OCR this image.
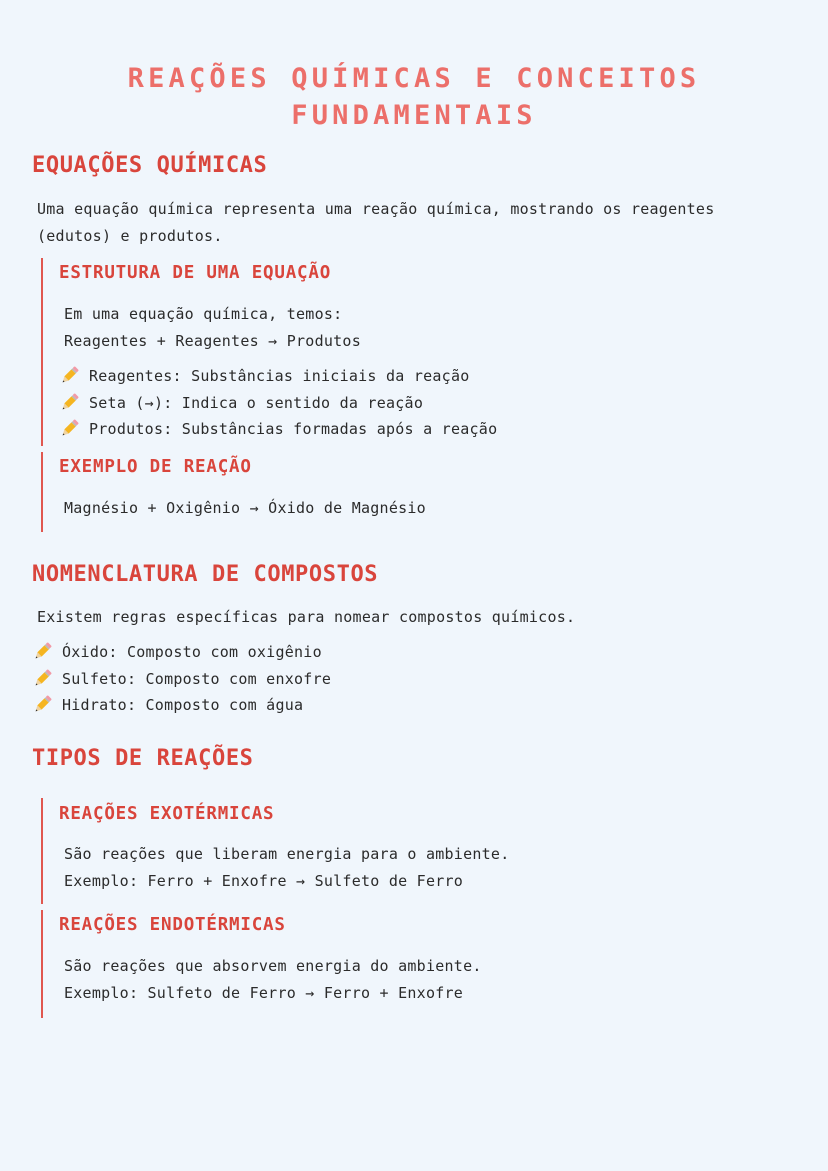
REAÇÕES QUÍMICAS E CONCEITOS
FUNDAMENTAIS
EQUAÇÕES QUÍMICAS
Uma equação química representa uma reação química, mostrando os reagentes
(edutos) e produtos.
ESTRUTURA DE UMA EQUAÇÃO
Em uma equação química, temos:
Reagentes + Reagentes → Produtos
Reagentes: Substâncias iniciais da reação
Seta (→): Indica o sentido da reação
Produtos: Substâncias formadas após a reação
EXEMPLO DE REAÇÃO
Magnésio + Oxigênio → Óxido de Magnésio
NOMENCLATURA DE COMPOSTOS
Existem regras específicas para nomear compostos químicos.
Óxido: Composto com oxigênio
Sulfeto: Composto com enxofre
Hidrato: Composto com água
TIPOS DE REAÇÕES
REAÇÕES EXOTÉRMICAS
São reações que liberam energia para o ambiente.
Exemplo: Ferro + Enxofre → Sulfeto de Ferro
REAÇÕES ENDOTÉRMICAS
São reações que absorvem energia do ambiente.
Exemplo: Sulfeto de Ferro → Ferro + Enxofre
